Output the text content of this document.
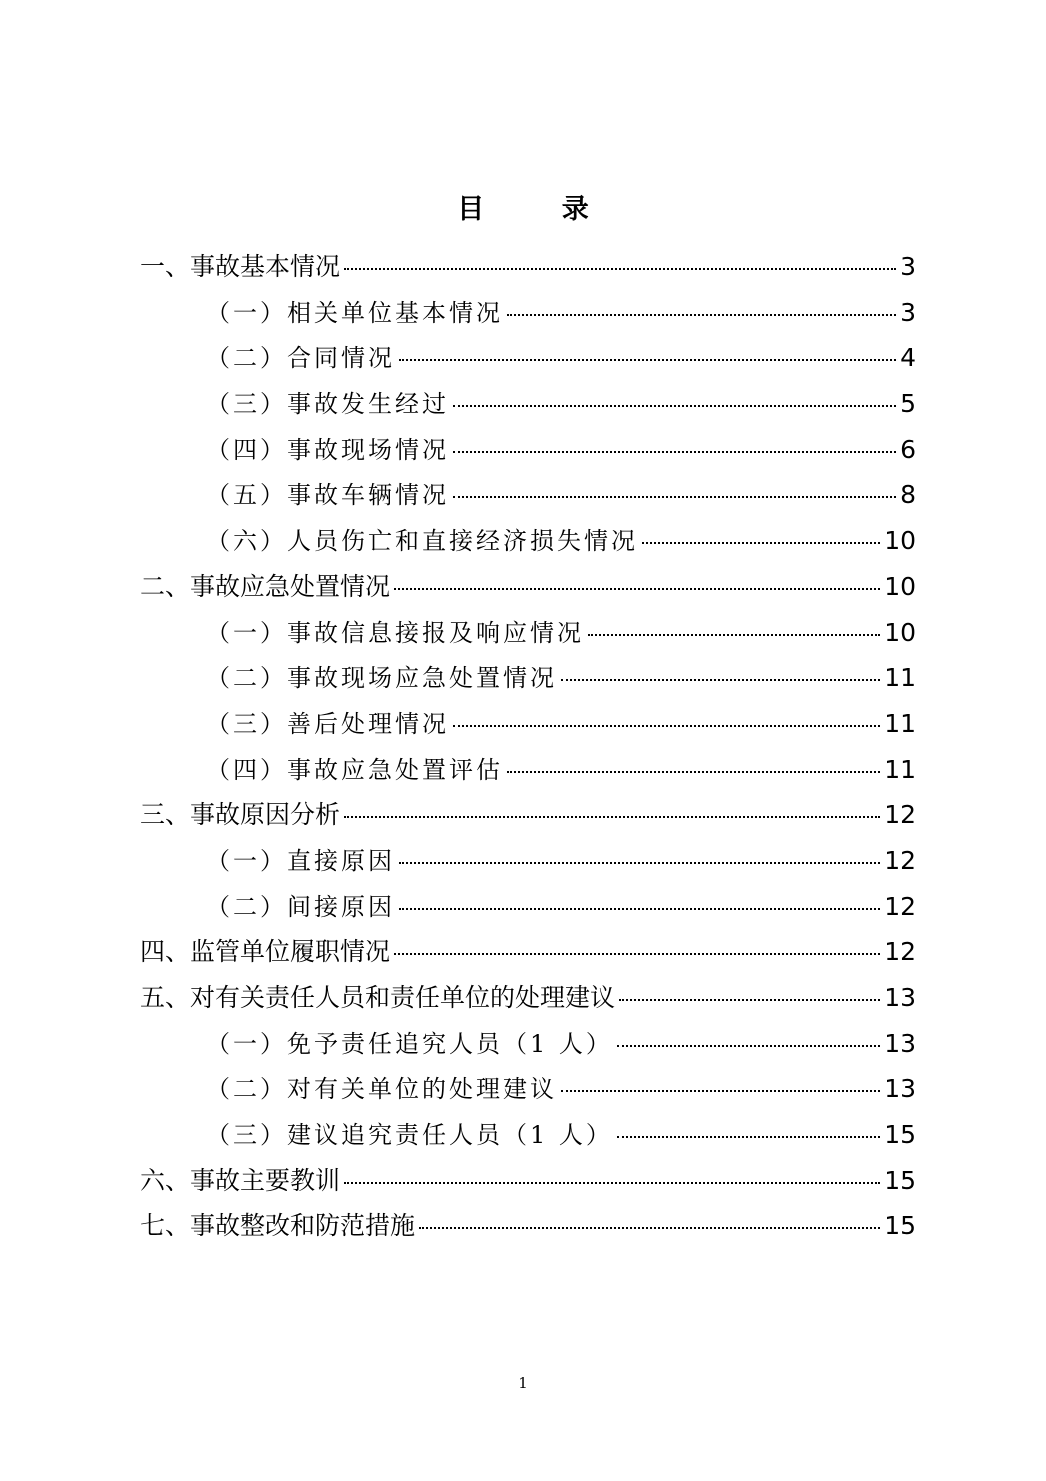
目 录
一、事故基本情况	3
（一）相关单位基本情况	3
（二）合同情况	4
（三）事故发生经过	5
（四）事故现场情况	6
（五）事故车辆情况	8
（六）人员伤亡和直接经济损失情况	10
二、事故应急处置情况	10
（一）事故信息接报及响应情况	10
（二）事故现场应急处置情况	11
（三）善后处理情况	11
（四）事故应急处置评估	11
三、事故原因分析	12
（一）直接原因	12
（二）间接原因	12
四、监管单位履职情况	12
五、对有关责任人员和责任单位的处理建议	13
（一）免予责任追究人员（1 人）	13
（二）对有关单位的处理建议	13
（三）建议追究责任人员（1 人）	15
六、事故主要教训	15
七、事故整改和防范措施	15
1
